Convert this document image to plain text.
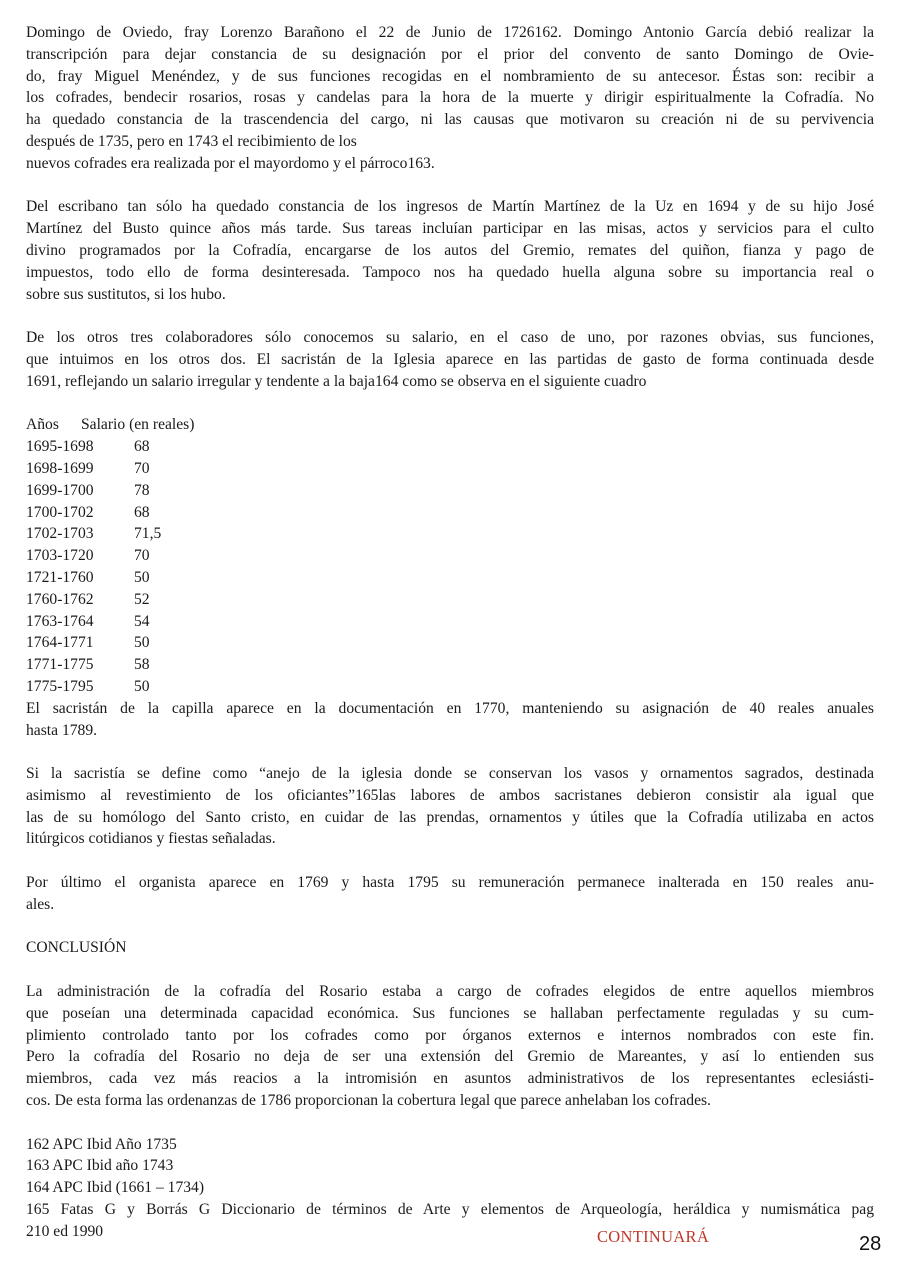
Domingo de Oviedo, fray Lorenzo Barañono el 22 de Junio de 1726162. Domingo Antonio García debió realizar la
transcripción para dejar constancia de su designación por el prior del convento de santo Domingo de Ovie-
do, fray Miguel Menéndez, y de sus funciones recogidas en el nombramiento de su antecesor. Éstas son: recibir a
los cofrades, bendecir rosarios, rosas y candelas para la hora de la muerte y dirigir espiritualmente la Cofradía. No
ha quedado constancia de la trascendencia del cargo, ni las causas que motivaron su creación ni de su pervivencia
después de 1735, pero en 1743 el recibimiento de los
nuevos cofrades era realizada por el mayordomo y el párroco163.
Del escribano tan sólo ha quedado constancia de los ingresos de Martín Martínez de la Uz en 1694 y de su hijo José
Martínez del Busto quince años más tarde. Sus tareas incluían participar en las misas, actos y servicios para el culto
divino programados por la Cofradía, encargarse de los autos del Gremio, remates del quiñon, fianza y pago de
impuestos, todo ello de forma desinteresada. Tampoco nos ha quedado huella alguna sobre su importancia real o
sobre sus sustitutos, si los hubo.
De los otros tres colaboradores sólo conocemos su salario, en el caso de uno, por razones obvias, sus funciones,
que intuimos en los otros dos. El sacristán de la Iglesia aparece en las partidas de gasto de forma continuada desde
1691, reflejando un salario irregular y tendente a la baja164 como se observa en el siguiente cuadro
Años Salario (en reales)
1695-1698	68
1698-1699	70
1699-1700	78
1700-1702	68
1702-1703	71,5
1703-1720	70
1721-1760	50
1760-1762	52
1763-1764	54
1764-1771	50
1771-1775	58
1775-1795	50
El sacristán de la capilla aparece en la documentación en 1770, manteniendo su asignación de 40 reales anuales
hasta 1789.
Si la sacristía se define como “anejo de la iglesia donde se conservan los vasos y ornamentos sagrados, destinada
asimismo al revestimiento de los oficiantes”165las labores de ambos sacristanes debieron consistir ala igual que
las de su homólogo del Santo cristo, en cuidar de las prendas, ornamentos y útiles que la Cofradía utilizaba en actos
litúrgicos cotidianos y fiestas señaladas.
Por último el organista aparece en 1769 y hasta 1795 su remuneración permanece inalterada en 150 reales anu-
ales.
CONCLUSIÓN
La administración de la cofradía del Rosario estaba a cargo de cofrades elegidos de entre aquellos miembros
que poseían una determinada capacidad económica. Sus funciones se hallaban perfectamente reguladas y su cum-
plimiento controlado tanto por los cofrades como por órganos externos e internos nombrados con este fin.
Pero la cofradía del Rosario no deja de ser una extensión del Gremio de Mareantes, y así lo entienden sus
miembros, cada vez más reacios a la intromisión en asuntos administrativos de los representantes eclesiásti-
cos. De esta forma las ordenanzas de 1786 proporcionan la cobertura legal que parece anhelaban los cofrades.
162 APC Ibid Año 1735
163 APC Ibid año 1743
164 APC Ibid (1661 – 1734)
165 Fatas G y Borrás G Diccionario de términos de Arte y elementos de Arqueología, heráldica y numismática pag
210 ed 1990	CONTINUARÁ	28
